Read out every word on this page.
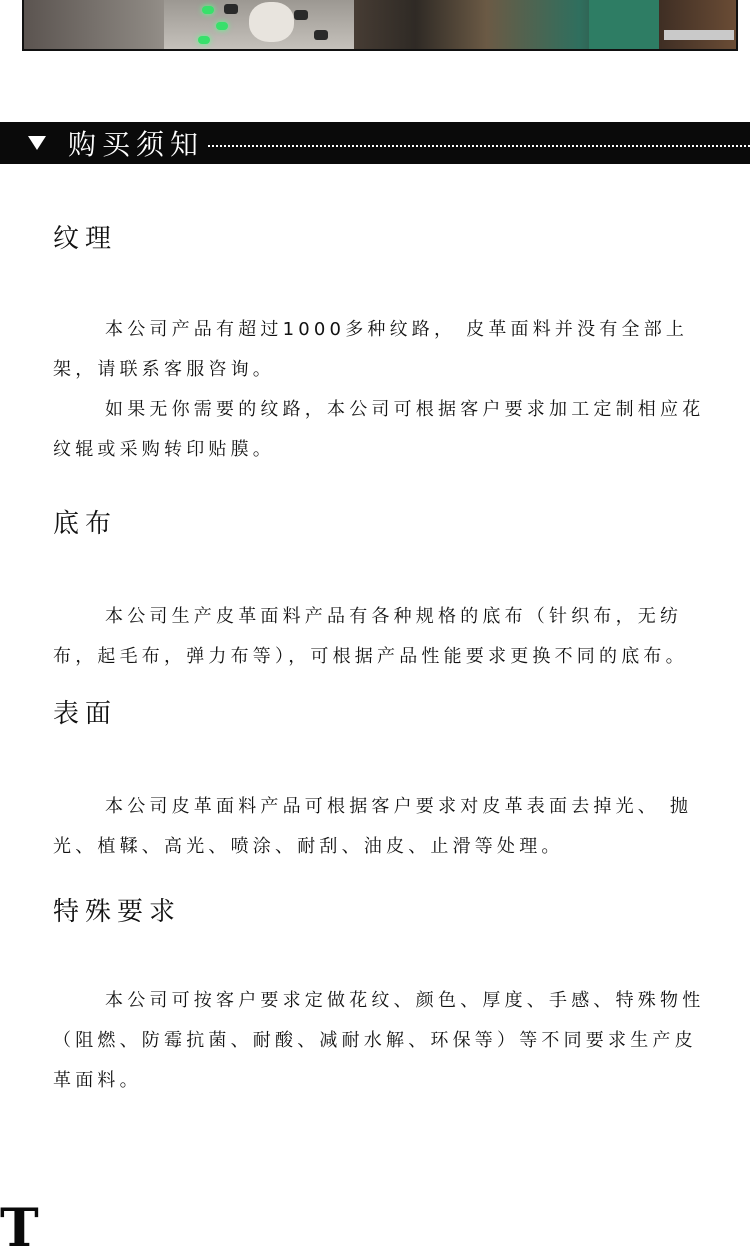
购买须知
纹理

本公司产品有超过1000多种纹路， 皮革面料并没有全部上架，请联系客服咨询。

如果无你需要的纹路，本公司可根据客户要求加工定制相应花纹辊或采购转印贴膜。

底布

本公司生产皮革面料产品有各种规格的底布（针织布，无纺布，起毛布，弹力布等），可根据产品性能要求更换不同的底布。

表面

本公司皮革面料产品可根据客户要求对皮革表面去掉光、 抛光、植鞣、高光、喷涂、耐刮、油皮、止滑等处理。

特殊要求

本公司可按客户要求定做花纹、颜色、厚度、手感、特殊物性（阻燃、防霉抗菌、耐酸、减耐水解、环保等）等不同要求生产皮革面料。

T
